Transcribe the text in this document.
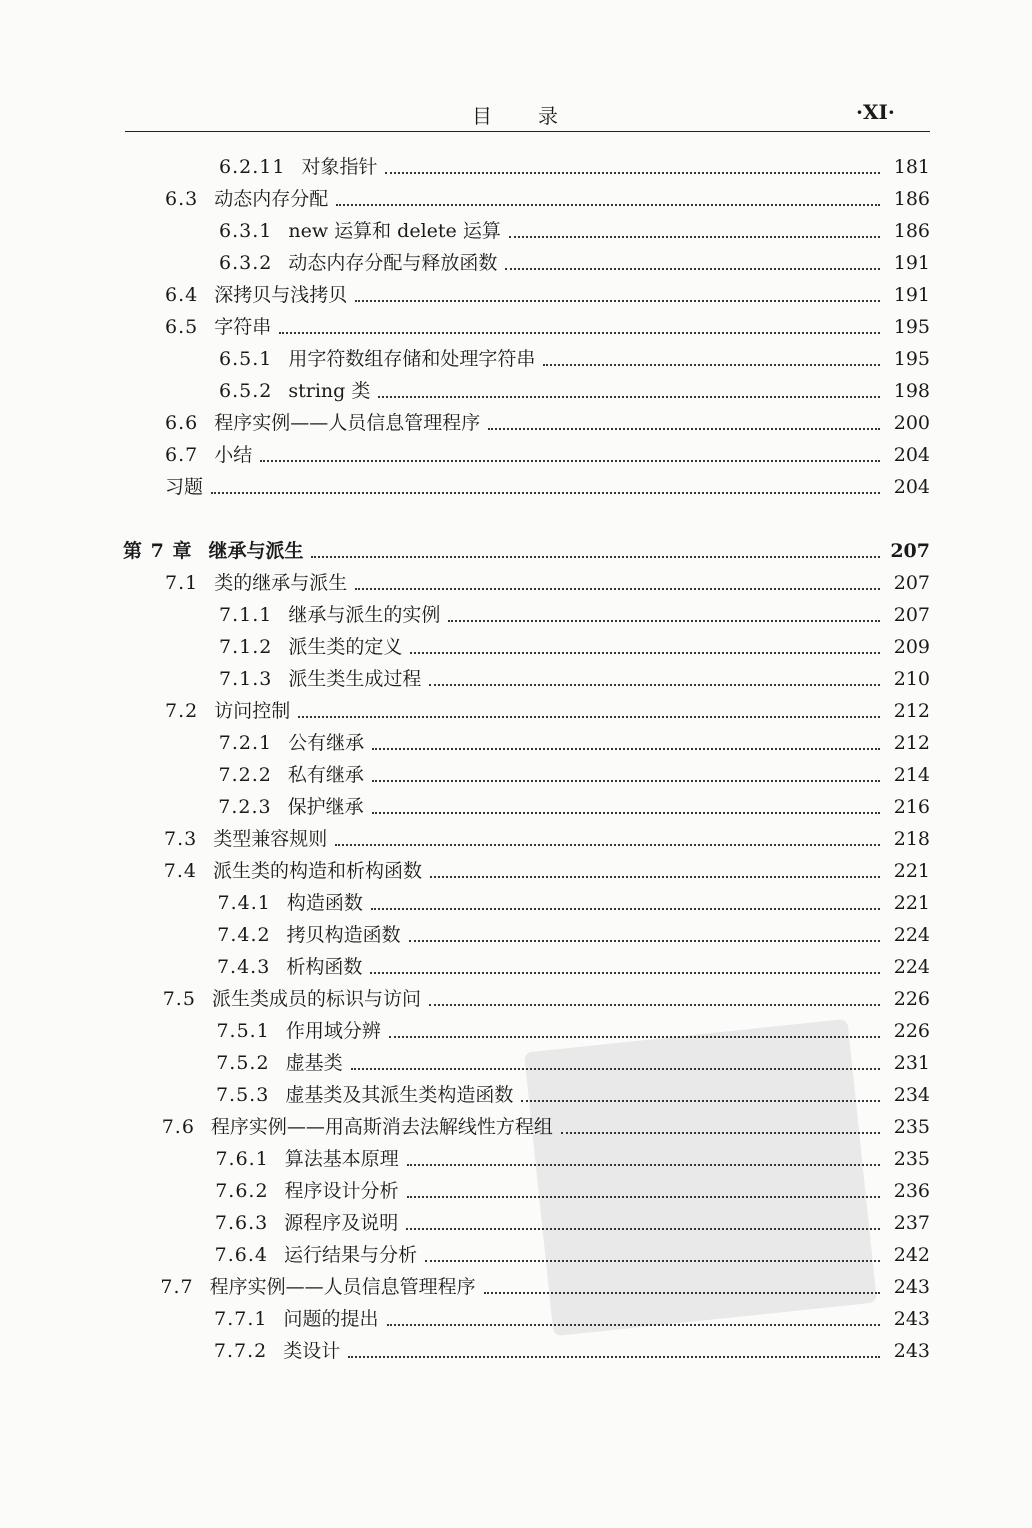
目　　录	·XI·
6.2.11 对象指针	181
6.3 动态内存分配	186
6.3.1 new 运算和 delete 运算	186
6.3.2 动态内存分配与释放函数	191
6.4 深拷贝与浅拷贝	191
6.5 字符串	195
6.5.1 用字符数组存储和处理字符串	195
6.5.2 string 类	198
6.6 程序实例——人员信息管理程序	200
6.7 小结	204
习题	204
第 7 章 继承与派生	207
7.1 类的继承与派生	207
7.1.1 继承与派生的实例	207
7.1.2 派生类的定义	209
7.1.3 派生类生成过程	210
7.2 访问控制	212
7.2.1 公有继承	212
7.2.2 私有继承	214
7.2.3 保护继承	216
7.3 类型兼容规则	218
7.4 派生类的构造和析构函数	221
7.4.1 构造函数	221
7.4.2 拷贝构造函数	224
7.4.3 析构函数	224
7.5 派生类成员的标识与访问	226
7.5.1 作用域分辨	226
7.5.2 虚基类	231
7.5.3 虚基类及其派生类构造函数	234
7.6 程序实例——用高斯消去法解线性方程组	235
7.6.1 算法基本原理	235
7.6.2 程序设计分析	236
7.6.3 源程序及说明	237
7.6.4 运行结果与分析	242
7.7 程序实例——人员信息管理程序	243
7.7.1 问题的提出	243
7.7.2 类设计	243
